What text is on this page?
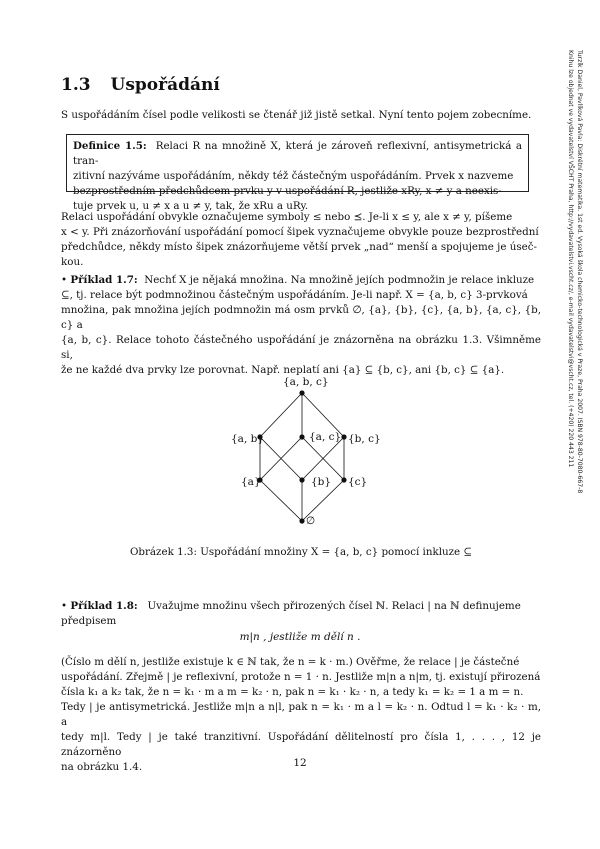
Turzík Daniel, Pavlíková Pavla: Diskrétní matematika. 1st ed. Vysoká škola chemicko-technologická v Praze, Praha 2007. ISBN 978-80-7080-667-8
Knihu lze objednat ve vydavatelství VŠCHT Praha, http://vydavatelstvi.vscht.cz/, e-mail vydavatelstvi@vscht.cz, tel. (+420) 220 443 211
1.3 Uspořádání
S uspořádáním čísel podle velikosti se čtenář již jistě setkal. Nyní tento pojem zobecníme.
Definice 1.5: Relaci R na množině X, která je zároveň reflexivní, antisymetrická a tran-
zitivní nazýváme uspořádáním, někdy též částečným uspořádáním. Prvek x nazveme
bezprostředním předchůdcem prvku y v uspořádání R, jestliže xRy, x ≠ y a neexis-
tuje prvek u, u ≠ x a u ≠ y, tak, že xRu a uRy.
Relaci uspořádání obvykle označujeme symboly ≤ nebo ⪯. Je-li x ≤ y, ale x ≠ y, píšeme
x < y. Při znázorňování uspořádání pomocí šipek vyznačujeme obvykle pouze bezprostřední
předchůdce, někdy místo šipek znázorňujeme větší prvek „nad“ menší a spojujeme je úseč-
kou.
• Příklad 1.7: Nechť X je nějaká množina. Na množině jejích podmnožin je relace inkluze
⊆, tj. relace být podmnožinou částečným uspořádáním. Je-li např. X = {a, b, c} 3-prvková
množina, pak množina jejích podmnožin má osm prvků ∅, {a}, {b}, {c}, {a, b}, {a, c}, {b, c} a
{a, b, c}. Relace tohoto částečného uspořádání je znázorněna na obrázku 1.3. Všimněme si,
že ne každé dva prvky lze porovnat. Např. neplatí ani {a} ⊆ {b, c}, ani {b, c} ⊆ {a}.
{a, b, c}
{a, b}	{a, c} {b, c}
{a}	{b} {c}
∅
Obrázek 1.3: Uspořádání množiny X = {a, b, c} pomocí inkluze ⊆
• Příklad 1.8: Uvažujme množinu všech přirozených čísel ℕ. Relaci | na ℕ definujeme
předpisem
m|n , jestliže m dělí n .
(Číslo m dělí n, jestliže existuje k ∈ ℕ tak, že n = k · m.) Ověřme, že relace | je částečné
uspořádání. Zřejmě | je reflexivní, protože n = 1 · n. Jestliže m|n a n|m, tj. existují přirozená
čísla k₁ a k₂ tak, že n = k₁ · m a m = k₂ · n, pak n = k₁ · k₂ · n, a tedy k₁ = k₂ = 1 a m = n.
Tedy | je antisymetrická. Jestliže m|n a n|l, pak n = k₁ · m a l = k₂ · n. Odtud l = k₁ · k₂ · m, a
tedy m|l. Tedy | je také tranzitivní. Uspořádání dělitelností pro čísla 1, . . . , 12 je znázorněno
na obrázku 1.4.	12
